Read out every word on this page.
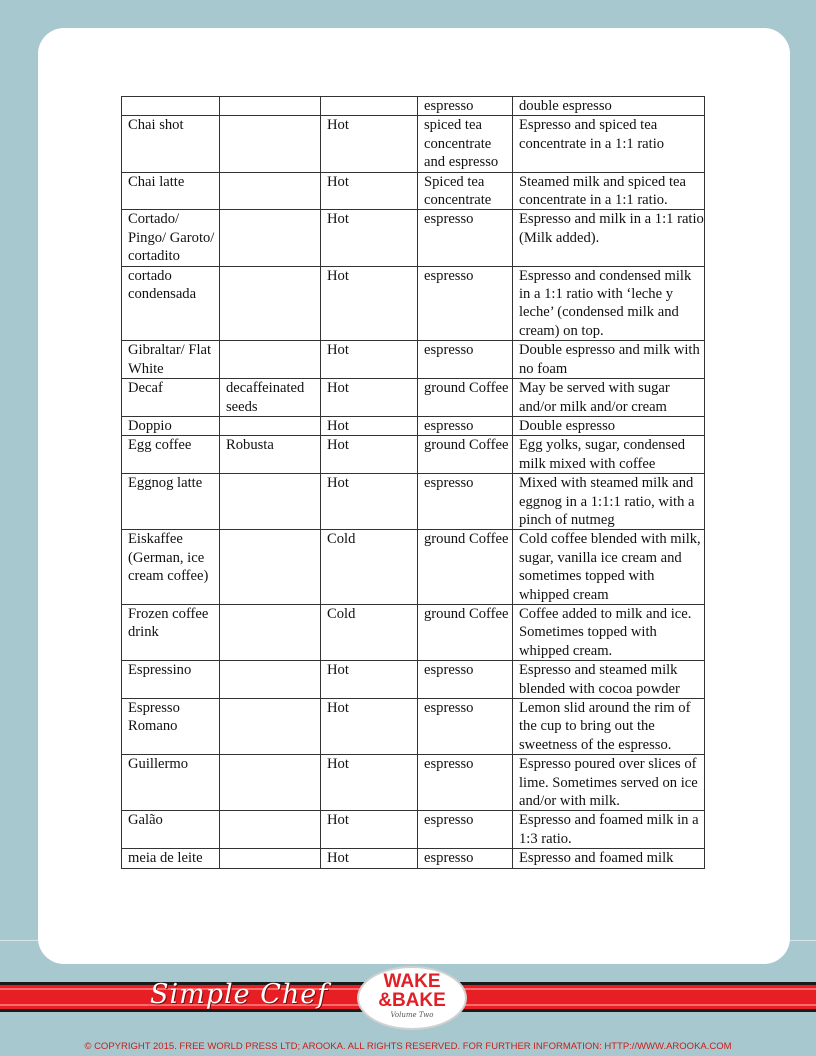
			espresso	double espresso
Chai shot		Hot	spiced tea concentrate and espresso	Espresso and spiced tea concentrate in a 1:1 ratio
Chai latte		Hot	Spiced tea concentrate	Steamed milk and spiced tea concentrate in a 1:1 ratio.
Cortado/ Pingo/ Garoto/ cortadito		Hot	espresso	Espresso and milk in a 1:1 ratio (Milk added).
cortado condensada		Hot	espresso	Espresso and condensed milk in a 1:1 ratio with ‘leche y leche’ (condensed milk and cream) on top.
Gibraltar/ Flat White		Hot	espresso	Double espresso and milk with no foam
Decaf	decaffeinated seeds	Hot	ground Coffee	May be served with sugar and/or milk and/or cream
Doppio		Hot	espresso	Double espresso
Egg coffee	Robusta	Hot	ground Coffee	Egg yolks, sugar, condensed milk mixed with coffee
Eggnog latte		Hot	espresso	Mixed with steamed milk and eggnog in a 1:1:1 ratio, with a pinch of nutmeg
Eiskaffee (German, ice cream coffee)		Cold	ground Coffee	Cold coffee blended with milk, sugar, vanilla ice cream and sometimes topped with whipped cream
Frozen coffee drink		Cold	ground Coffee	Coffee added to milk and ice. Sometimes topped with whipped cream.
Espressino		Hot	espresso	Espresso and steamed milk blended with cocoa powder
Espresso Romano		Hot	espresso	Lemon slid around the rim of the cup to bring out the sweetness of the espresso.
Guillermo		Hot	espresso	Espresso poured over slices of lime. Sometimes served on ice and/or with milk.
Galão		Hot	espresso	Espresso and foamed milk in a 1:3 ratio.
meia de leite		Hot	espresso	Espresso and foamed milk
Simple Chef	WAKE
&BAKE
Volume Two
© COPYRIGHT 2015. FREE WORLD PRESS LTD; AROOKA. ALL RIGHTS RESERVED. FOR FURTHER INFORMATION: HTTP://WWW.AROOKA.COM
